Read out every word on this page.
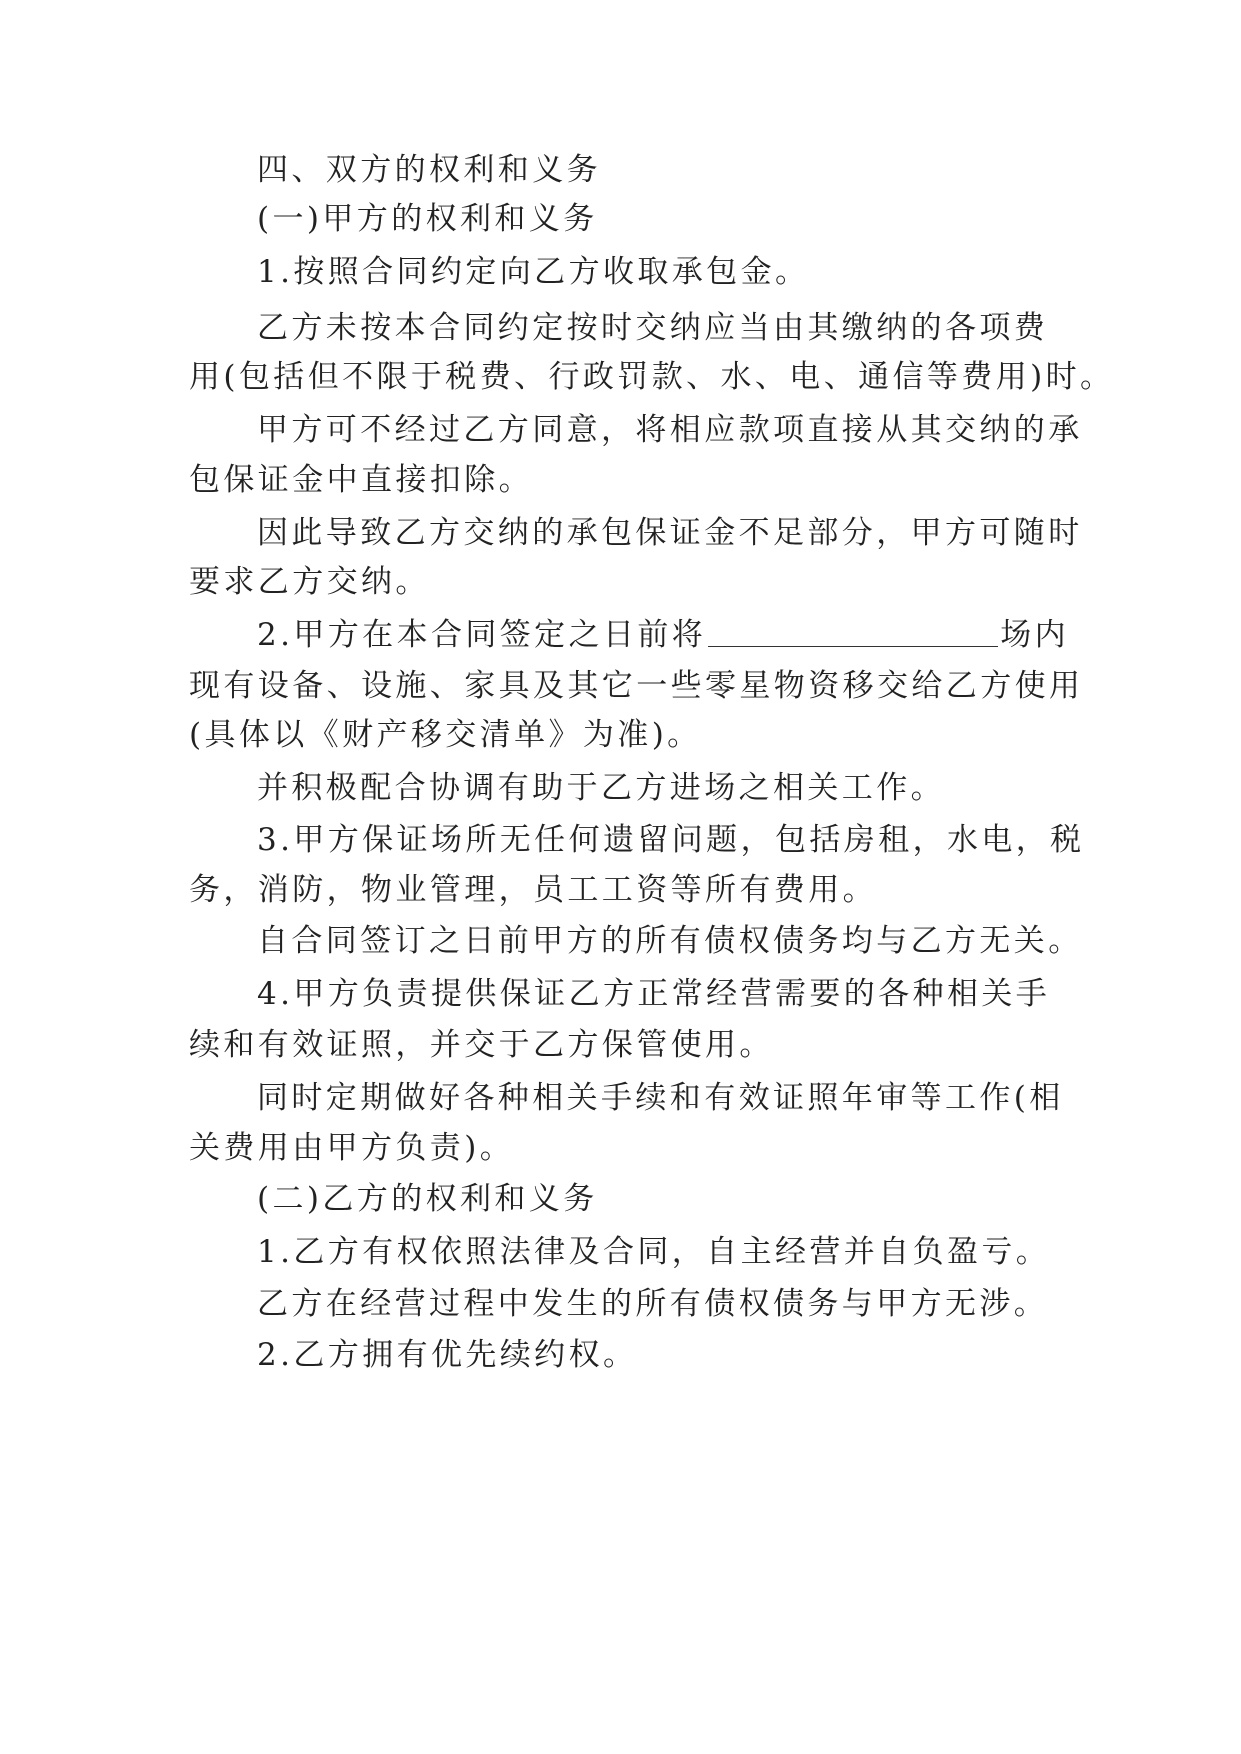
四、双方的权利和义务
(一)甲方的权利和义务
1.按照合同约定向乙方收取承包金。
乙方未按本合同约定按时交纳应当由其缴纳的各项费
用(包括但不限于税费、行政罚款、水、电、通信等费用)时。
甲方可不经过乙方同意，将相应款项直接从其交纳的承
包保证金中直接扣除。
因此导致乙方交纳的承包保证金不足部分，甲方可随时
要求乙方交纳。
2.甲方在本合同签定之日前将	场内
现有设备、设施、家具及其它一些零星物资移交给乙方使用
(具体以《财产移交清单》为准)。
并积极配合协调有助于乙方进场之相关工作。
3.甲方保证场所无任何遗留问题，包括房租，水电，税
务，消防，物业管理，员工工资等所有费用。
自合同签订之日前甲方的所有债权债务均与乙方无关。
4.甲方负责提供保证乙方正常经营需要的各种相关手
续和有效证照，并交于乙方保管使用。
同时定期做好各种相关手续和有效证照年审等工作(相
关费用由甲方负责)。
(二)乙方的权利和义务
1.乙方有权依照法律及合同，自主经营并自负盈亏。
乙方在经营过程中发生的所有债权债务与甲方无涉。
2.乙方拥有优先续约权。
